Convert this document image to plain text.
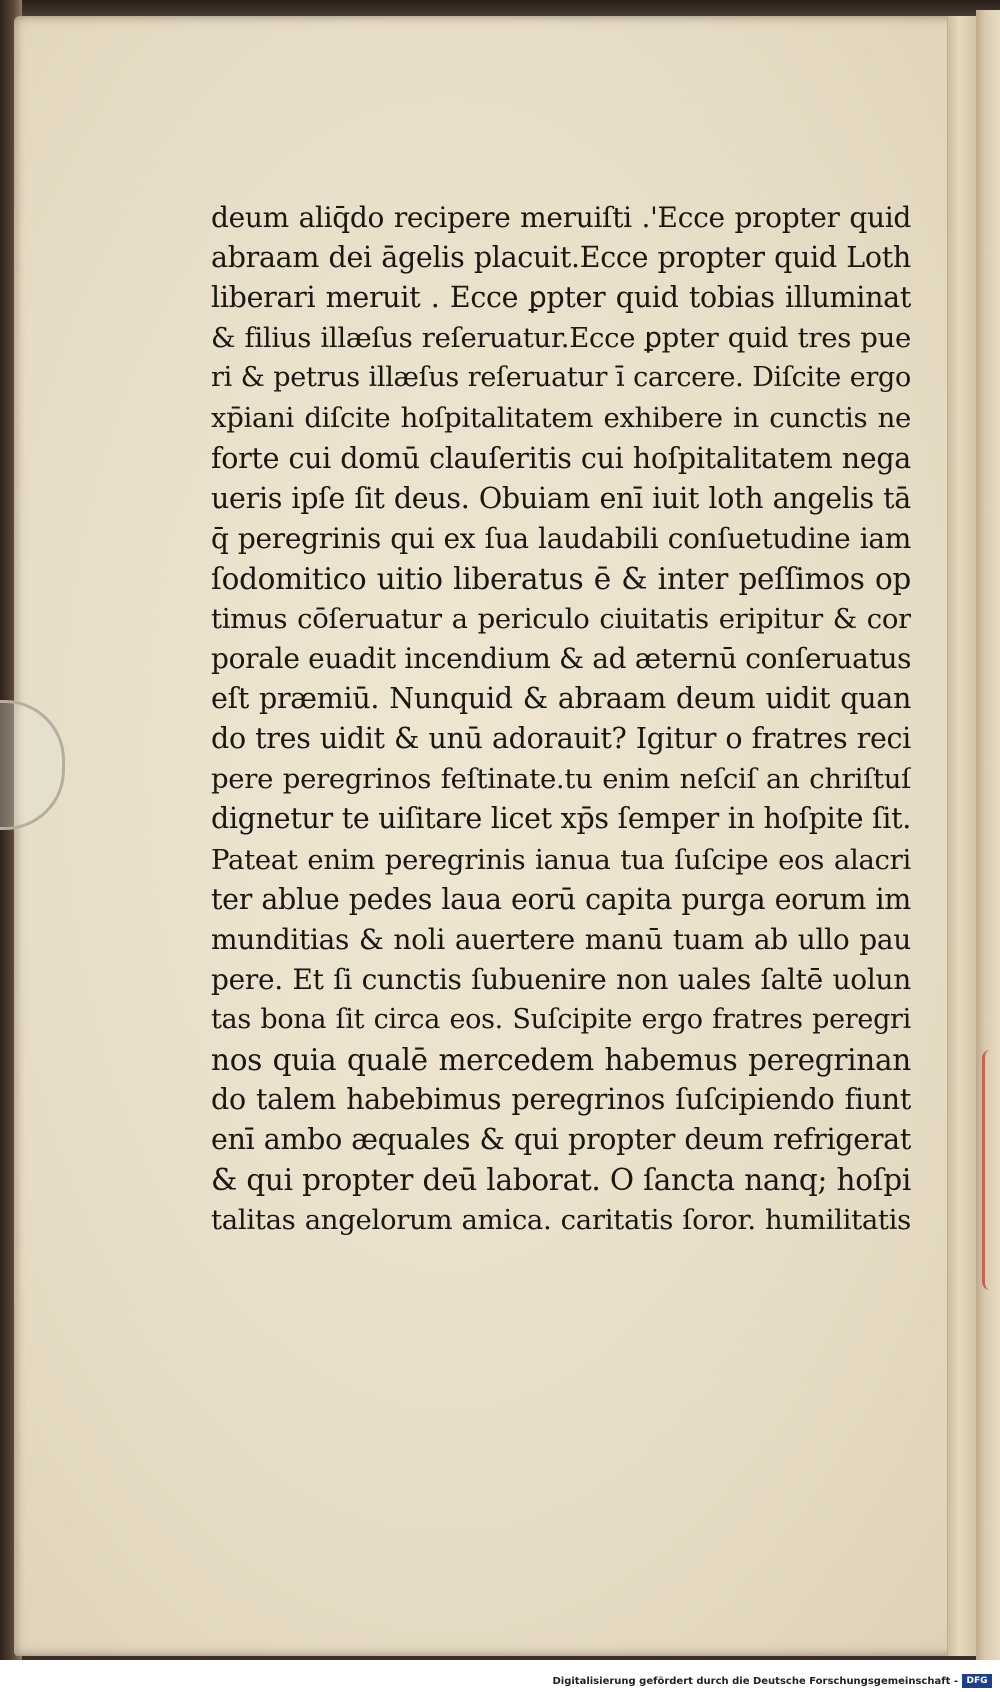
deum aliq̄do recipere meruiſti .'Ecce propter quid
abraam dei āgelis placuit.Ecce propter quid Loth
liberari meruit . Ecce ꝑpter quid tobias illuminat
& filius illæſus reſeruatur.Ecce ꝑpter quid tres pue
ri & petrus illæſus reſeruatur ī carcere. Diſcite ergo
xp̄iani diſcite hoſpitalitatem exhibere in cunctis ne
forte cui domū clauſeritis cui hoſpitalitatem nega
ueris ipſe ſit deus. Obuiam enī iuit loth angelis tā
q̄ peregrinis qui ex ſua laudabili conſuetudine iam
ſodomitico uitio liberatus ē & inter peſſimos op
timus cōſeruatur a periculo ciuitatis eripitur & cor
porale euadit incendium & ad æternū conſeruatus
eſt præmiū. Nunquid & abraam deum uidit quan
do tres uidit & unū adorauit? Igitur o fratres reci
pere peregrinos feſtinate.tu enim neſciſ an chriſtuſ
dignetur te uiſitare licet xp̄s ſemper in hoſpite ſit.
Pateat enim peregrinis ianua tua ſuſcipe eos alacri
ter ablue pedes laua eorū capita purga eorum im
munditias & noli auertere manū tuam ab ullo pau
pere. Et ſi cunctis ſubuenire non uales ſaltē uolun
tas bona ſit circa eos. Suſcipite ergo fratres peregri
nos quia qualē mercedem habemus peregrinan
do talem habebimus peregrinos ſuſcipiendo fiunt
enī ambo æquales & qui propter deum refrigerat
& qui propter deū laborat. O ſancta nanq; hoſpi
talitas angelorum amica. caritatis ſoror. humilitatis
Digitalisierung gefördert durch die Deutsche Forschungsgemeinschaft - DFG
